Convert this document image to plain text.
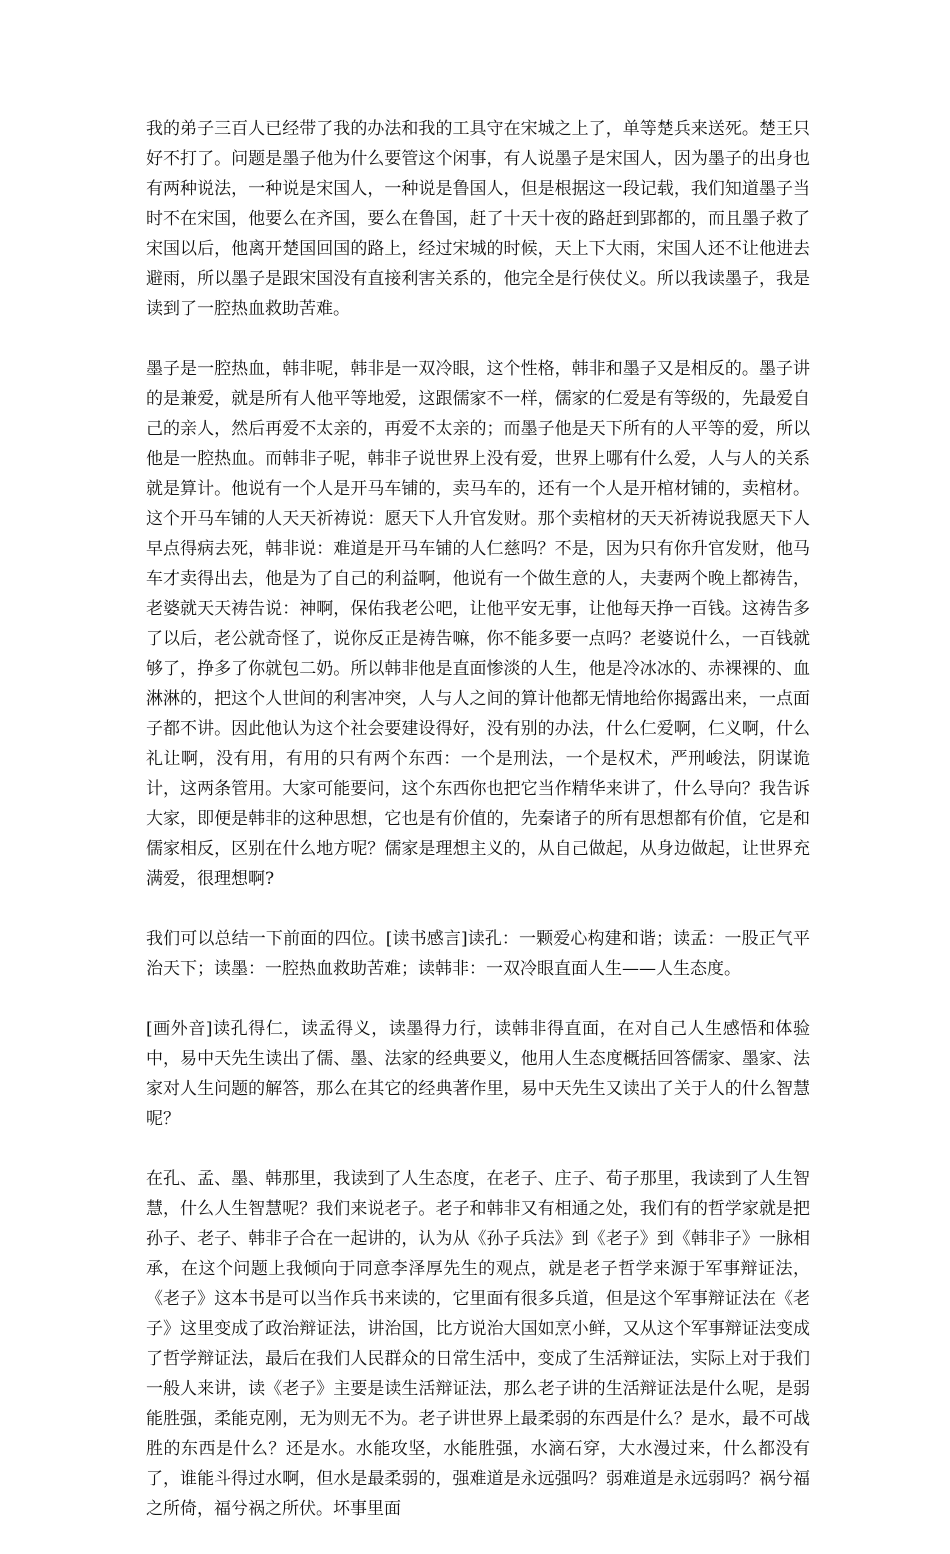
我的弟子三百人已经带了我的办法和我的工具守在宋城之上了，单等楚兵来送死。楚王只好不打了。问题是墨子他为什么要管这个闲事，有人说墨子是宋国人，因为墨子的出身也有两种说法，一种说是宋国人，一种说是鲁国人，但是根据这一段记载，我们知道墨子当时不在宋国，他要么在齐国，要么在鲁国，赶了十天十夜的路赶到郢都的，而且墨子救了宋国以后，他离开楚国回国的路上，经过宋城的时候，天上下大雨，宋国人还不让他进去避雨，所以墨子是跟宋国没有直接利害关系的，他完全是行侠仗义。所以我读墨子，我是读到了一腔热血救助苦难。

墨子是一腔热血，韩非呢，韩非是一双冷眼，这个性格，韩非和墨子又是相反的。墨子讲的是兼爱，就是所有人他平等地爱，这跟儒家不一样，儒家的仁爱是有等级的，先最爱自己的亲人，然后再爱不太亲的，再爱不太亲的；而墨子他是天下所有的人平等的爱，所以他是一腔热血。而韩非子呢，韩非子说世界上没有爱，世界上哪有什么爱，人与人的关系就是算计。他说有一个人是开马车铺的，卖马车的，还有一个人是开棺材铺的，卖棺材。这个开马车铺的人天天祈祷说：愿天下人升官发财。那个卖棺材的天天祈祷说我愿天下人早点得病去死，韩非说：难道是开马车铺的人仁慈吗？不是，因为只有你升官发财，他马车才卖得出去，他是为了自己的利益啊，他说有一个做生意的人，夫妻两个晚上都祷告，老婆就天天祷告说：神啊，保佑我老公吧，让他平安无事，让他每天挣一百钱。这祷告多了以后，老公就奇怪了，说你反正是祷告嘛，你不能多要一点吗？老婆说什么，一百钱就够了，挣多了你就包二奶。所以韩非他是直面惨淡的人生，他是冷冰冰的、赤裸裸的、血淋淋的，把这个人世间的利害冲突，人与人之间的算计他都无情地给你揭露出来，一点面子都不讲。因此他认为这个社会要建设得好，没有别的办法，什么仁爱啊，仁义啊，什么礼让啊，没有用，有用的只有两个东西：一个是刑法，一个是权术，严刑峻法，阴谋诡计，这两条管用。大家可能要问，这个东西你也把它当作精华来讲了，什么导向？我告诉大家，即便是韩非的这种思想，它也是有价值的，先秦诸子的所有思想都有价值，它是和儒家相反，区别在什么地方呢？儒家是理想主义的，从自己做起，从身边做起，让世界充满爱，很理想啊?

我们可以总结一下前面的四位。[读书感言]读孔：一颗爱心构建和谐；读孟：一股正气平治天下；读墨：一腔热血救助苦难；读韩非：一双冷眼直面人生——人生态度。

[画外音]读孔得仁，读孟得义，读墨得力行，读韩非得直面，在对自己人生感悟和体验中，易中天先生读出了儒、墨、法家的经典要义，他用人生态度概括回答儒家、墨家、法家对人生问题的解答，那么在其它的经典著作里，易中天先生又读出了关于人的什么智慧呢？

在孔、孟、墨、韩那里，我读到了人生态度，在老子、庄子、荀子那里，我读到了人生智慧，什么人生智慧呢？我们来说老子。老子和韩非又有相通之处，我们有的哲学家就是把孙子、老子、韩非子合在一起讲的，认为从《孙子兵法》到《老子》到《韩非子》一脉相承，在这个问题上我倾向于同意李泽厚先生的观点，就是老子哲学来源于军事辩证法，《老子》这本书是可以当作兵书来读的，它里面有很多兵道，但是这个军事辩证法在《老子》这里变成了政治辩证法，讲治国，比方说治大国如烹小鲜，又从这个军事辩证法变成了哲学辩证法，最后在我们人民群众的日常生活中，变成了生活辩证法，实际上对于我们一般人来讲，读《老子》主要是读生活辩证法，那么老子讲的生活辩证法是什么呢，是弱能胜强，柔能克刚，无为则无不为。老子讲世界上最柔弱的东西是什么？是水，最不可战胜的东西是什么？还是水。水能攻坚，水能胜强，水滴石穿，大水漫过来，什么都没有了，谁能斗得过水啊，但水是最柔弱的，强难道是永远强吗？弱难道是永远弱吗？祸兮福之所倚，福兮祸之所伏。坏事里面
